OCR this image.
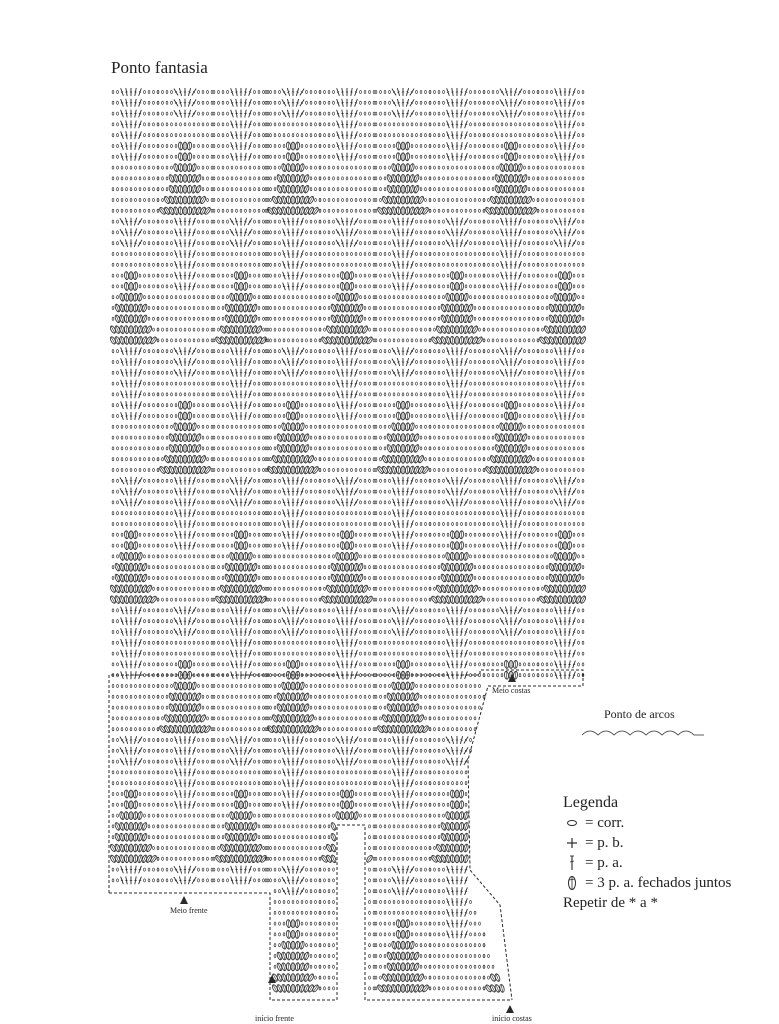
Ponto fantasia
Ponto de arcos
Meio costas
Meio frente
início frente	início costas
Legenda
= corr.
= p. b.
= p. a.
= 3 p. a. fechados juntos
Repetir de * a *
